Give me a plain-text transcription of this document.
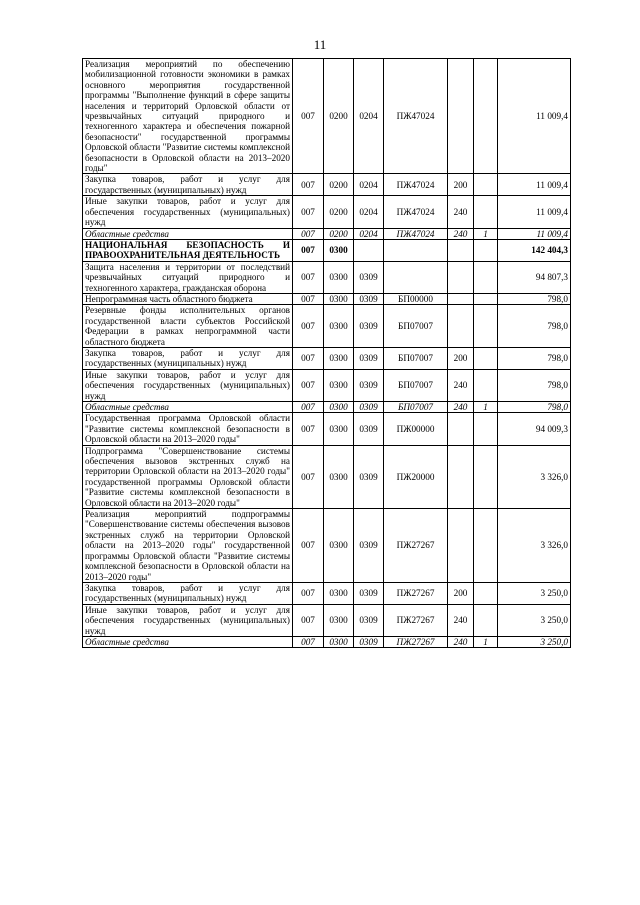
11
Реализация мероприятий по обеспечению мобилизационной готовности экономики в рамках основного мероприятия государственной программы "Выполнение функций в сфере защиты населения и территорий Орловской области от чрезвычайных ситуаций природного и техногенного характера и обеспечения пожарной безопасности" государственной программы Орловской области "Развитие системы комплексной безопасности в Орловской области на 2013–2020 годы"	007	0200	0204	ПЖ47024			11 009,4
Закупка товаров, работ и услуг для государственных (муниципальных) нужд	007	0200	0204	ПЖ47024	200		11 009,4
Иные закупки товаров, работ и услуг для обеспечения государственных (муниципальных) нужд	007	0200	0204	ПЖ47024	240		11 009,4
Областные средства	007	0200	0204	ПЖ47024	240	1	11 009,4
НАЦИОНАЛЬНАЯ БЕЗОПАСНОСТЬ И ПРАВООХРАНИТЕЛЬНАЯ ДЕЯТЕЛЬНОСТЬ	007	0300					142 404,3
Защита населения и территории от последствий чрезвычайных ситуаций природного и техногенного характера, гражданская оборона	007	0300	0309				94 807,3
Непрограммная часть областного бюджета	007	0300	0309	БП00000			798,0
Резервные фонды исполнительных органов государственной власти субъектов Российской Федерации в рамках непрограммной части областного бюджета	007	0300	0309	БП07007			798,0
Закупка товаров, работ и услуг для государственных (муниципальных) нужд	007	0300	0309	БП07007	200		798,0
Иные закупки товаров, работ и услуг для обеспечения государственных (муниципальных) нужд	007	0300	0309	БП07007	240		798,0
Областные средства	007	0300	0309	БП07007	240	1	798,0
Государственная программа Орловской области "Развитие системы комплексной безопасности в Орловской области на 2013–2020 годы"	007	0300	0309	ПЖ00000			94 009,3
Подпрограмма "Совершенствование системы обеспечения вызовов экстренных служб на территории Орловской области на 2013–2020 годы" государственной программы Орловской области "Развитие системы комплексной безопасности в Орловской области на 2013–2020 годы"	007	0300	0309	ПЖ20000			3 326,0
Реализация мероприятий подпрограммы "Совершенствование системы обеспечения вызовов экстренных служб на территории Орловской области на 2013–2020 годы" государственной программы Орловской области "Развитие системы комплексной безопасности в Орловской области на 2013–2020 годы"	007	0300	0309	ПЖ27267			3 326,0
Закупка товаров, работ и услуг для государственных (муниципальных) нужд	007	0300	0309	ПЖ27267	200		3 250,0
Иные закупки товаров, работ и услуг для обеспечения государственных (муниципальных) нужд	007	0300	0309	ПЖ27267	240		3 250,0
Областные средства	007	0300	0309	ПЖ27267	240	1	3 250,0
